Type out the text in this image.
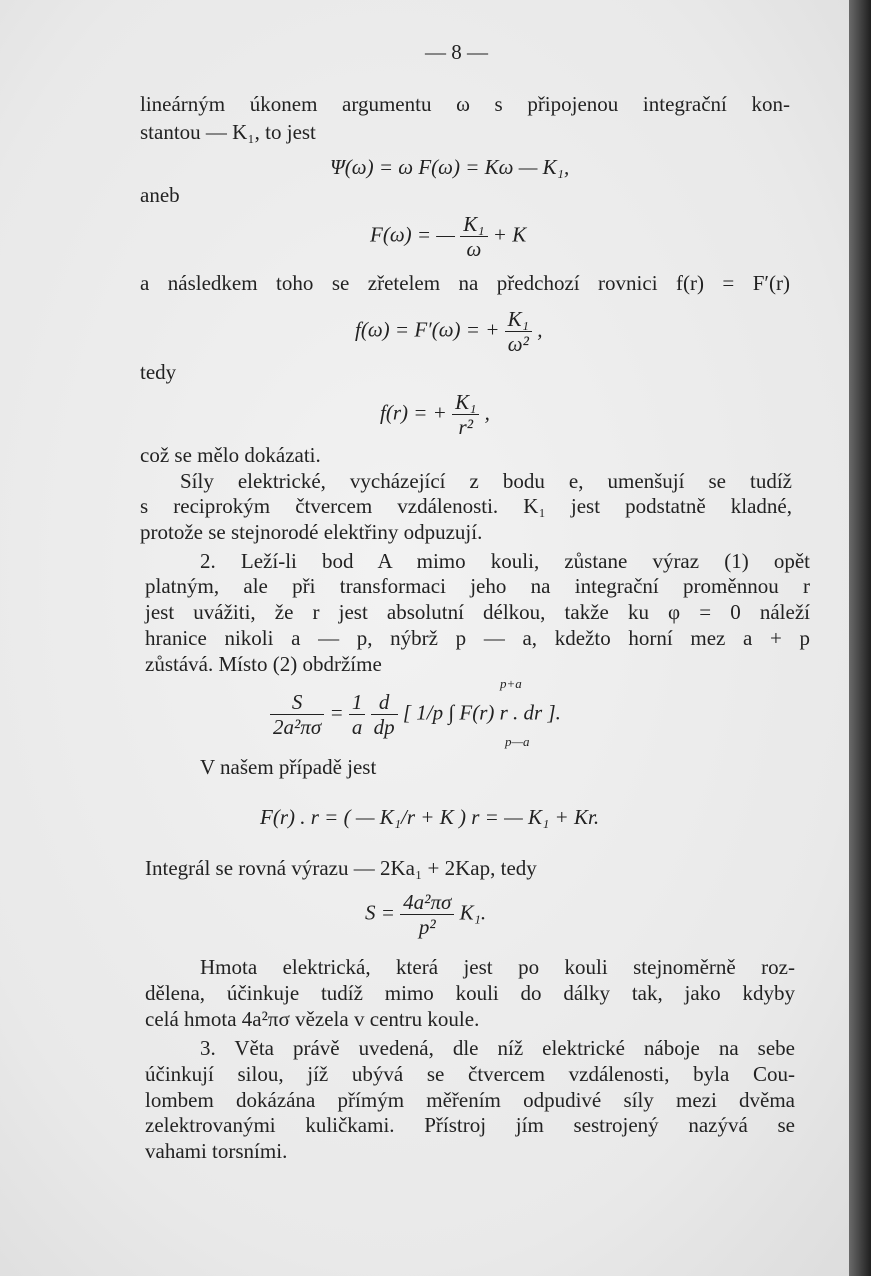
— 8 —
lineárným úkonem argumentu ω s připojenou integrační kon-
stantou — K₁, to jest
Ψ(ω) = ω F(ω) = Kω — K₁,
aneb
F(ω) = — $\frac{\text{K₁}}{\omega} + K$
a následkem toho se zřetelem na předchozí rovnici f(r) = F′(r)
f(ω) = F′(ω) = + $\frac{\text{K₁}}{\text{ω²}}$ ,
tedy
f(r) = + $\frac{\text{K₁}}{\text{r²}}$ ,
což se mělo dokázati.
Síly elektrické, vycházející z bodu e, umenšují se tudíž
s reciprokým čtvercem vzdálenosti. K₁ jest podstatně kladné,
protože se stejnorodé elektřiny odpuzují.
2. Leží-li bod A mimo kouli, zůstane výraz (1) opět
platným, ale při transformaci jeho na integrační proměnnou r
jest uvážiti, že r jest absolutní délkou, takže ku φ = 0 náleží
hranice nikoli a — p, nýbrž p — a, kdežto horní mez a + p
zůstává. Místo (2) obdržíme
$\frac{S}{\text{2a²πσ}} = \frac{1}{a}$
$\frac{d}{dp}$ [ 1/p ∫ F(r) r . dr ].
p+a
p—a
V našem případě jest
F(r) . r = ( — K₁/r + K ) r = — K₁ + Kr.
Integrál se rovná výrazu — 2Ka₁ + 2Kap, tedy
$S = \frac{\text{4a²πσ}}{\text{p²}} K_1$.
Hmota elektrická, která jest po kouli stejnoměrně roz-
dělena, účinkuje tudíž mimo kouli do dálky tak, jako kdyby
celá hmota 4a²πσ vězela v centru koule.
3. Věta právě uvedená, dle níž elektrické náboje na sebe
účinkují silou, jíž ubývá se čtvercem vzdálenosti, byla Cou-
lombem dokázána přímým měřením odpudivé síly mezi dvěma
zelektrovanými kuličkami. Přístroj jím sestrojený nazývá se
vahami torsními.
